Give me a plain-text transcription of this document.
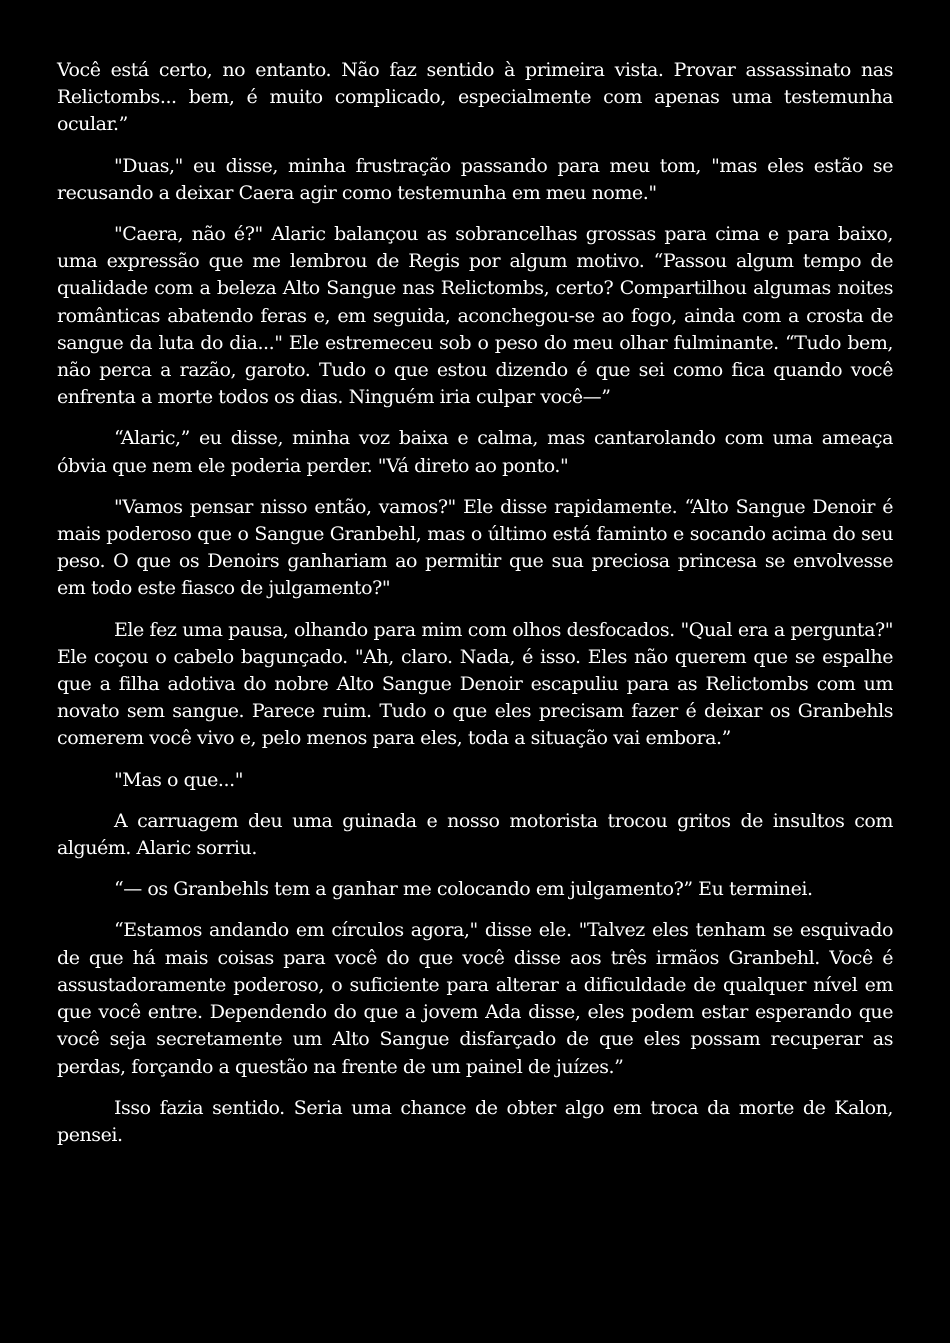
Você está certo, no entanto. Não faz sentido à primeira vista. Provar assassinato nas Relictombs... bem, é muito complicado, especialmente com apenas uma testemunha ocular.”

"Duas," eu disse, minha frustração passando para meu tom, "mas eles estão se recusando a deixar Caera agir como testemunha em meu nome."

"Caera, não é?" Alaric balançou as sobrancelhas grossas para cima e para baixo, uma expressão que me lembrou de Regis por algum motivo. “Passou algum tempo de qualidade com a beleza Alto Sangue nas Relictombs, certo? Compartilhou algumas noites românticas abatendo feras e, em seguida, aconchegou-se ao fogo, ainda com a crosta de sangue da luta do dia..." Ele estremeceu sob o peso do meu olhar fulminante. “Tudo bem, não perca a razão, garoto. Tudo o que estou dizendo é que sei como fica quando você enfrenta a morte todos os dias. Ninguém iria culpar você—”

“Alaric,” eu disse, minha voz baixa e calma, mas cantarolando com uma ameaça óbvia que nem ele poderia perder. "Vá direto ao ponto."

"Vamos pensar nisso então, vamos?" Ele disse rapidamente. “Alto Sangue Denoir é mais poderoso que o Sangue Granbehl, mas o último está faminto e socando acima do seu peso. O que os Denoirs ganhariam ao permitir que sua preciosa princesa se envolvesse em todo este fiasco de julgamento?"

Ele fez uma pausa, olhando para mim com olhos desfocados. "Qual era a pergunta?" Ele coçou o cabelo bagunçado. "Ah, claro. Nada, é isso. Eles não querem que se espalhe que a filha adotiva do nobre Alto Sangue Denoir escapuliu para as Relictombs com um novato sem sangue. Parece ruim. Tudo o que eles precisam fazer é deixar os Granbehls comerem você vivo e, pelo menos para eles, toda a situação vai embora.”

"Mas o que..."

A carruagem deu uma guinada e nosso motorista trocou gritos de insultos com alguém. Alaric sorriu.

“— os Granbehls tem a ganhar me colocando em julgamento?” Eu terminei.

“Estamos andando em círculos agora," disse ele. "Talvez eles tenham se esquivado de que há mais coisas para você do que você disse aos três irmãos Granbehl. Você é assustadoramente poderoso, o suficiente para alterar a dificuldade de qualquer nível em que você entre. Dependendo do que a jovem Ada disse, eles podem estar esperando que você seja secretamente um Alto Sangue disfarçado de que eles possam recuperar as perdas, forçando a questão na frente de um painel de juízes.”

Isso fazia sentido. Seria uma chance de obter algo em troca da morte de Kalon, pensei.
